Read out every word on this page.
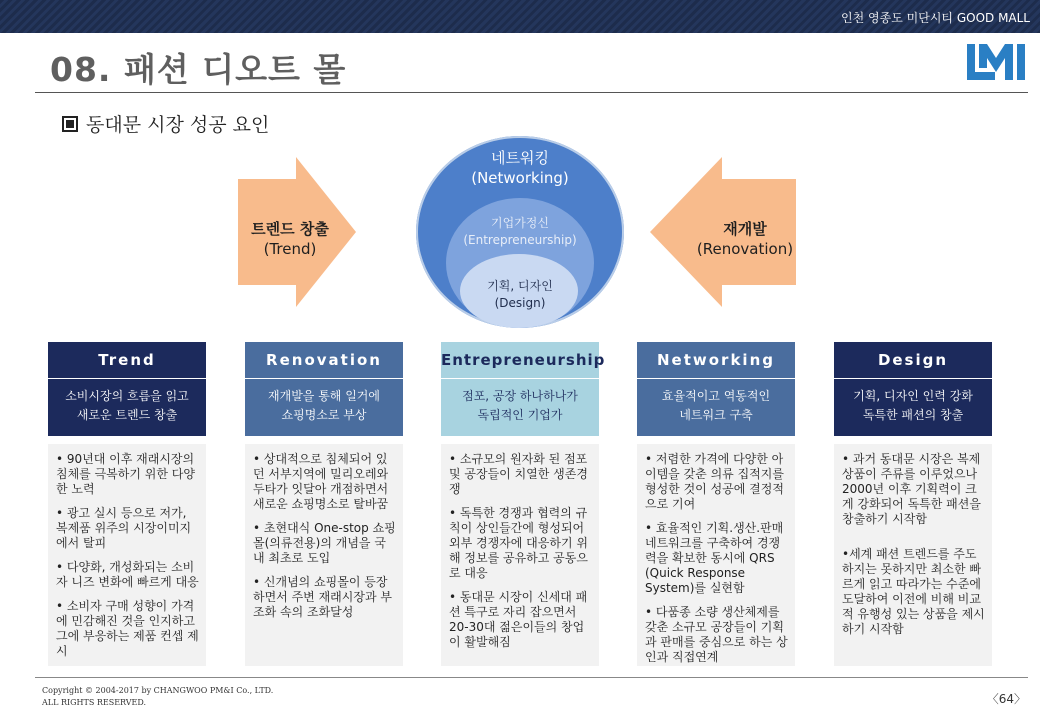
인천 영종도 미단시티 GOOD MALL
08. 패션 디오트 몰
동대문 시장 성공 요인
트렌드 창출
(Trend)
재개발
(Renovation)
네트워킹
(Networking)
기업가정신
(Entrepreneurship)
기획, 디자인
(Design)
Trend
소비시장의 흐름을 읽고
새로운 트렌드 창출

• 90년대 이후 재래시장의 침체를 극복하기 위한 다양한 노력

• 광고 실시 등으로 저가, 복제품 위주의 시장이미지에서 탈피

• 다양화, 개성화되는 소비자 니즈 변화에 빠르게 대응

• 소비자 구매 성향이 가격에 민감해진 것을 인지하고 그에 부응하는 제품 컨셉 제시

Renovation
재개발을 통해 일거에
쇼핑명소로 부상

• 상대적으로 침체되어 있던 서부지역에 밀리오레와 두타가 잇달아 개점하면서 새로운 쇼핑명소로 탈바꿈

• 초현대식 One-stop 쇼핑몰(의류전용)의 개념을 국내 최초로 도입

• 신개념의 쇼핑몰이 등장하면서 주변 재래시장과 부조화 속의 조화달성

Entrepreneurship
점포, 공장 하나하나가
독립적인 기업가

• 소규모의 원자화 된 점포 및 공장들이 치열한 생존경쟁

• 독특한 경쟁과 협력의 규칙이 상인들간에 형성되어 외부 경쟁자에 대응하기 위해 정보를 공유하고 공동으로 대응

• 동대문 시장이 신세대 패션 특구로 자리 잡으면서 20-30대 젊은이들의 창업이 활발해짐

Networking
효율적이고 역동적인
네트워크 구축

• 저렴한 가격에 다양한 아이템을 갖춘 의류 집적지를 형성한 것이 성공에 결정적으로 기여

• 효율적인 기획.생산.판매 네트워크를 구축하여 경쟁력을 확보한 동시에 QRS (Quick Response System)를 실현함

• 다품종 소량 생산체제를 갖춘 소규모 공장들이 기획과 판매를 중심으로 하는 상인과 직접연계

Design
기획, 디자인 인력 강화
독특한 패션의 창출

• 과거 동대문 시장은 복제상품이 주류를 이루었으나 2000년 이후 기획력이 크게 강화되어 독특한 패션을 창출하기 시작함

•세계 패션 트렌드를 주도하지는 못하지만 최소한 빠르게 읽고 따라가는 수준에 도달하여 이전에 비해 비교적 유행성 있는 상품을 제시하기 시작함

Copyright © 2004-2017 by CHANGWOO PM&I Co., LTD.
ALL RIGHTS RESERVED.	〈64〉
